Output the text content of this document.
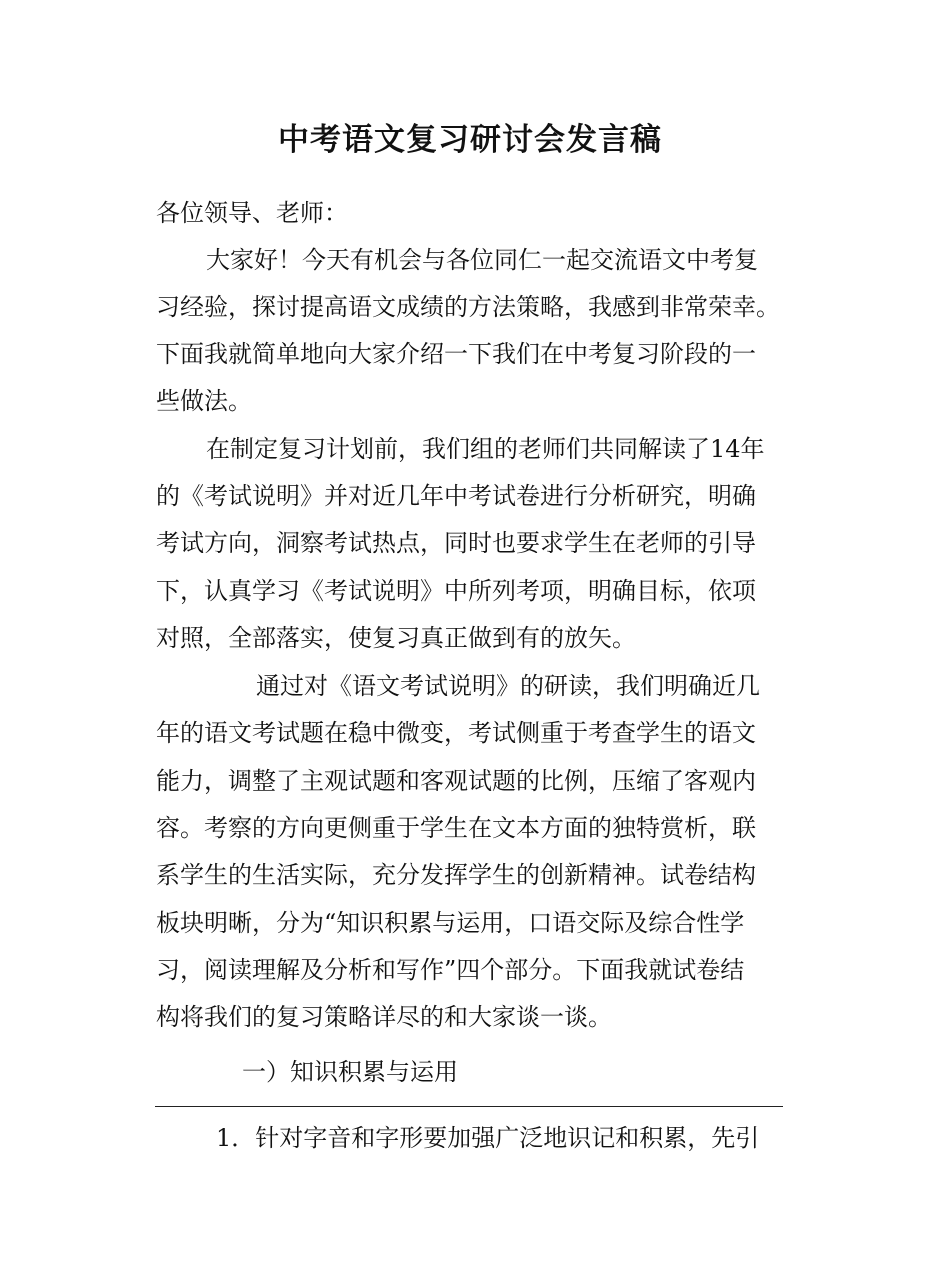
中考语文复习研讨会发言稿
各位领导、老师：
大家好！今天有机会与各位同仁一起交流语文中考复
习经验，探讨提高语文成绩的方法策略，我感到非常荣幸。
下面我就简单地向大家介绍一下我们在中考复习阶段的一
些做法。
在制定复习计划前，我们组的老师们共同解读了14年
的《考试说明》并对近几年中考试卷进行分析研究，明确
考试方向，洞察考试热点，同时也要求学生在老师的引导
下，认真学习《考试说明》中所列考项，明确目标，依项
对照，全部落实，使复习真正做到有的放矢。
通过对《语文考试说明》的研读，我们明确近几
年的语文考试题在稳中微变，考试侧重于考查学生的语文
能力，调整了主观试题和客观试题的比例，压缩了客观内
容。考察的方向更侧重于学生在文本方面的独特赏析，联
系学生的生活实际，充分发挥学生的创新精神。试卷结构
板块明晰，分为“知识积累与运用，口语交际及综合性学
习，阅读理解及分析和写作”四个部分。下面我就试卷结
构将我们的复习策略详尽的和大家谈一谈。
一）知识积累与运用
1．针对字音和字形要加强广泛地识记和积累，先引
